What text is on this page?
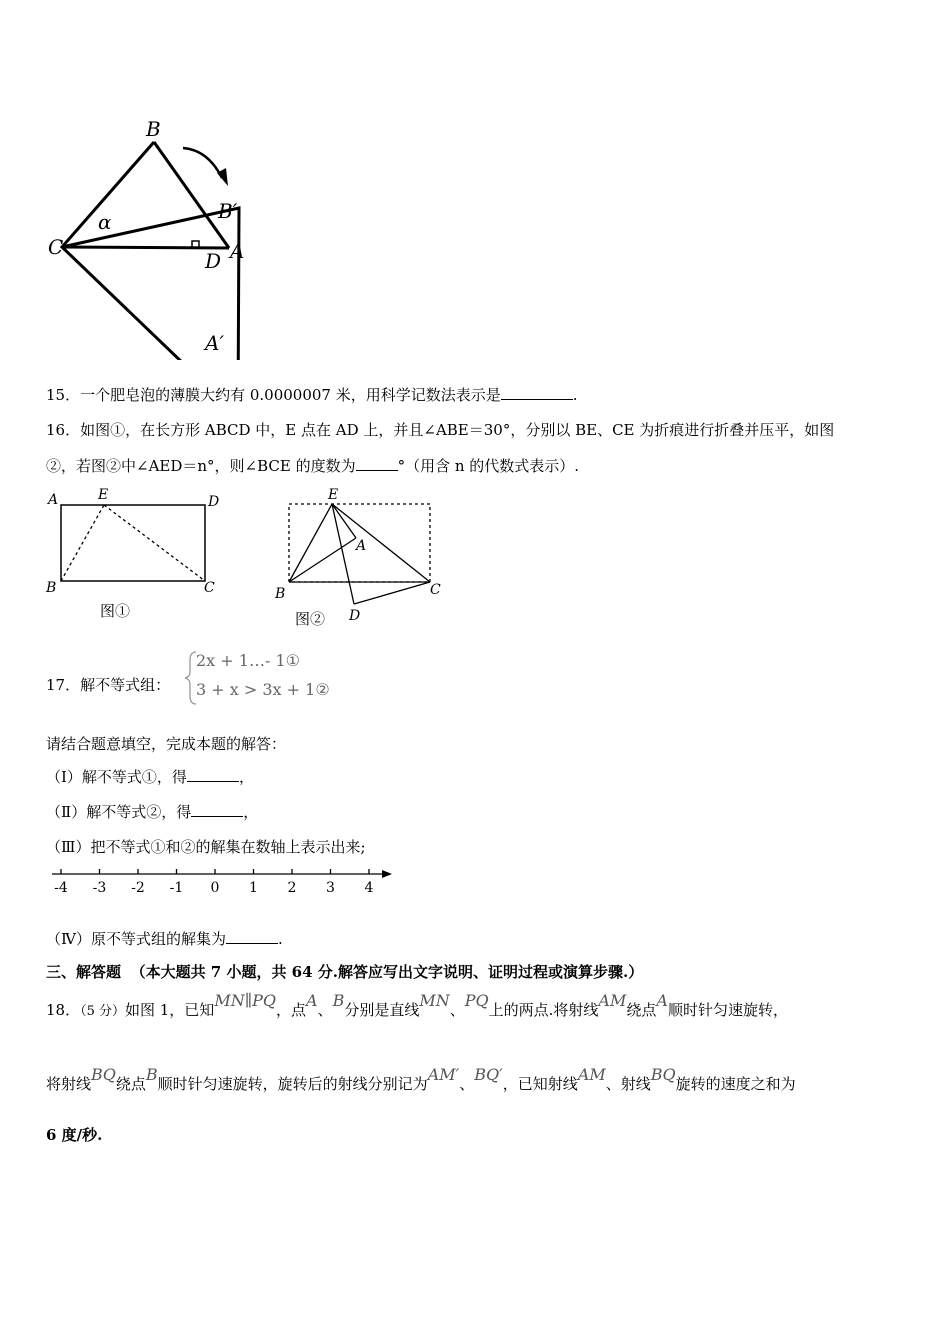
B
B′
C	A
D
A′
α
15．一个肥皂泡的薄膜大约有 0.0000007 米，用科学记数法表示是	.
16．如图①，在长方形 ABCD 中，E 点在 AD 上，并且∠ABE＝30°，分别以 BE、CE 为折痕进行折叠并压平，如图
②，若图②中∠AED＝n°，则∠BCE 的度数为	°（用含 n 的代数式表示）.
A	E	D
B	C
图①
E
A
B	C
D
图②
17．解不等式组：
2x + 1…- 1①
3 + x > 3x + 1②
请结合题意填空，完成本题的解答：
（Ⅰ）解不等式①，得	，
（Ⅱ）解不等式②，得	，
（Ⅲ）把不等式①和②的解集在数轴上表示出来;
-4 -3 -2 -1 0 1 2 3 4
（Ⅳ）原不等式组的解集为	.
三、解答题 （本大题共 7 小题，共 64 分.解答应写出文字说明、证明过程或演算步骤.）
18．（5 分）如图 1，已知MN∥PQ，点A、B分别是直线MN、PQ上的两点.将射线AM绕点A顺时针匀速旋转，
将射线BQ绕点B顺时针匀速旋转，旋转后的射线分别记为AM′、BQ′，已知射线AM、射线BQ旋转的速度之和为
6 度/秒.
